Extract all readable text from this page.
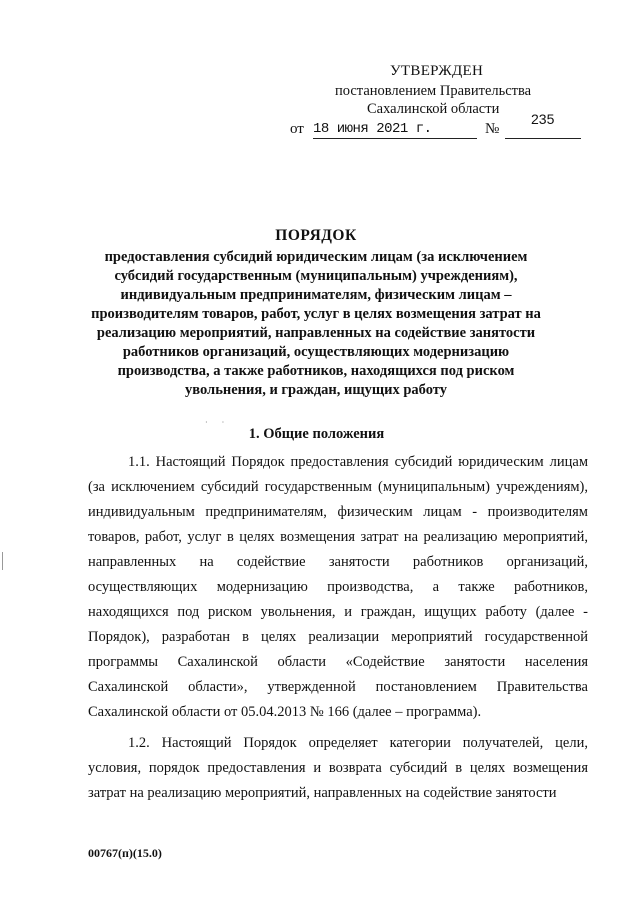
УТВЕРЖДЕН
постановлением Правительства
Сахалинской области
от 18 июня 2021 г.	№
235
ПОРЯДОК
предоставления субсидий юридическим лицам (за исключением субсидий государственным (муниципальным) учреждениям), индивидуальным предпринимателям, физическим лицам – производителям товаров, работ, услуг в целях возмещения затрат на реализацию мероприятий, направленных на содействие занятости работников организаций, осуществляющих модернизацию производства, а также работников, находящихся под риском увольнения, и граждан, ищущих работу
·       ·
1. Общие положения

1.1. Настоящий Порядок предоставления субсидий юридическим лицам (за исключением субсидий государственным (муниципальным) учреждениям), индивидуальным предпринимателям, физическим лицам - производителям товаров, работ, услуг в целях возмещения затрат на реализацию мероприятий, направленных на содействие занятости работников организаций, осуществляющих модернизацию производства, а также работников, находящихся под риском увольнения, и граждан, ищущих работу (далее - Порядок), разработан в целях реализации мероприятий государственной программы Сахалинской области «Содействие занятости населения Сахалинской области», утвержденной постановлением Правительства Сахалинской области от 05.04.2013 № 166 (далее – программа).

1.2. Настоящий Порядок определяет категории получателей, цели, условия, порядок предоставления и возврата субсидий в целях возмещения затрат на реализацию мероприятий, направленных на содействие занятости

00767(п)(15.0)
